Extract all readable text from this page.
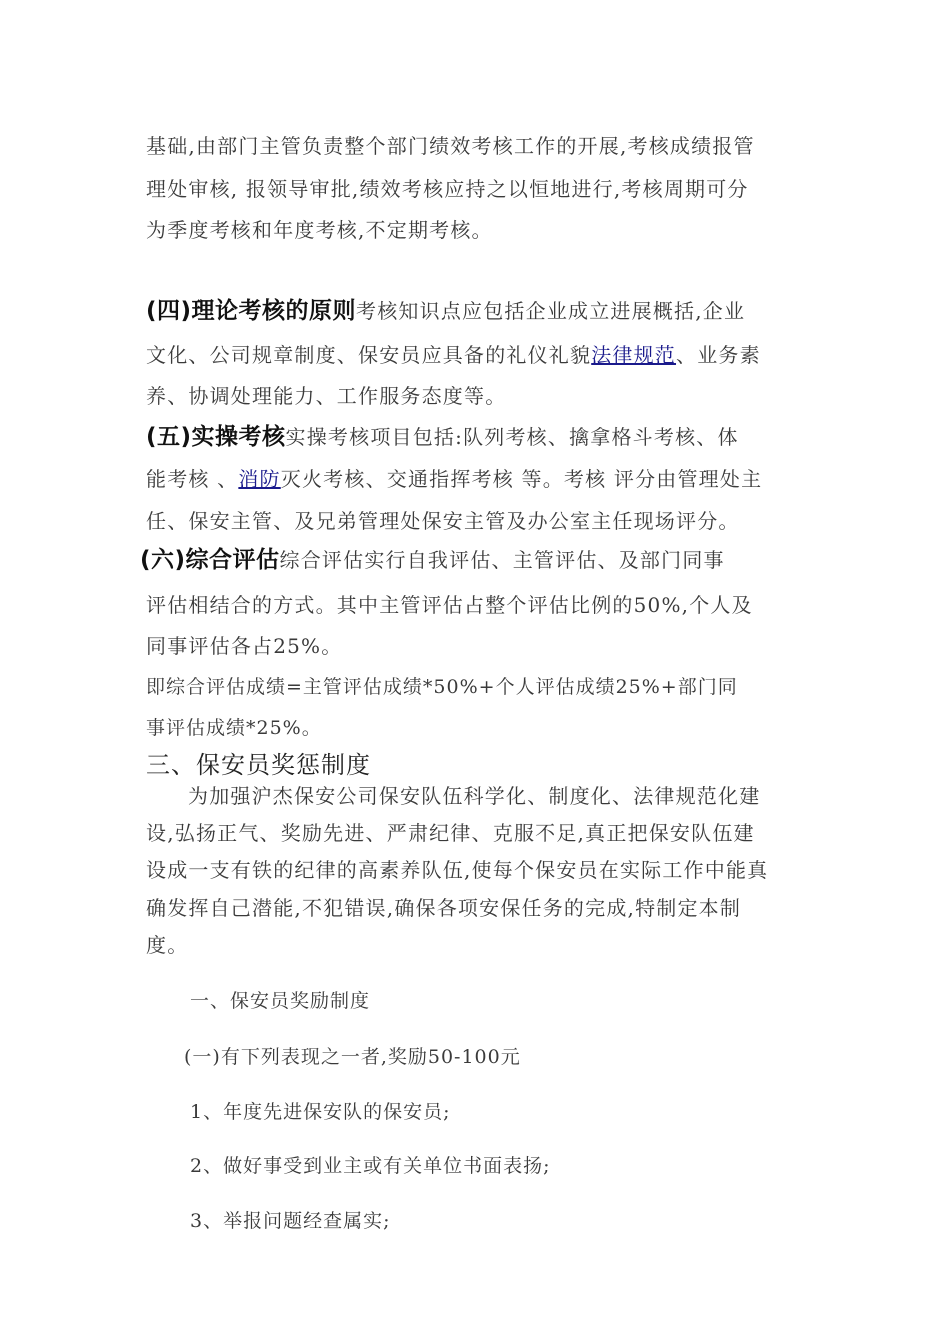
基础,由部门主管负责整个部门绩效考核工作的开展,考核成绩报管
理处审核, 报领导审批,绩效考核应持之以恒地进行,考核周期可分
为季度考核和年度考核,不定期考核。
(四)理论考核的原则考核知识点应包括企业成立进展概括,企业
文化、公司规章制度、保安员应具备的礼仪礼貌法律规范、业务素
养、协调处理能力、工作服务态度等。
(五)实操考核实操考核项目包括:队列考核、擒拿格斗考核、体
能考核 、消防灭火考核、交通指挥考核 等。考核 评分由管理处主
任、保安主管、及兄弟管理处保安主管及办公室主任现场评分。
(六)综合评估综合评估实行自我评估、主管评估、及部门同事
评估相结合的方式。其中主管评估占整个评估比例的50%,个人及
同事评估各占25%。
即综合评估成绩=主管评估成绩*50%+个人评估成绩25%+部门同
事评估成绩*25%。
三、保安员奖惩制度
为加强沪杰保安公司保安队伍科学化、制度化、法律规范化建
设,弘扬正气、奖励先进、严肃纪律、克服不足,真正把保安队伍建
设成一支有铁的纪律的高素养队伍,使每个保安员在实际工作中能真
确发挥自己潜能,不犯错误,确保各项安保任务的完成,特制定本制
度。
一、保安员奖励制度
(一)有下列表现之一者,奖励50-100元
1、年度先进保安队的保安员;
2、做好事受到业主或有关单位书面表扬;
3、举报问题经查属实;
